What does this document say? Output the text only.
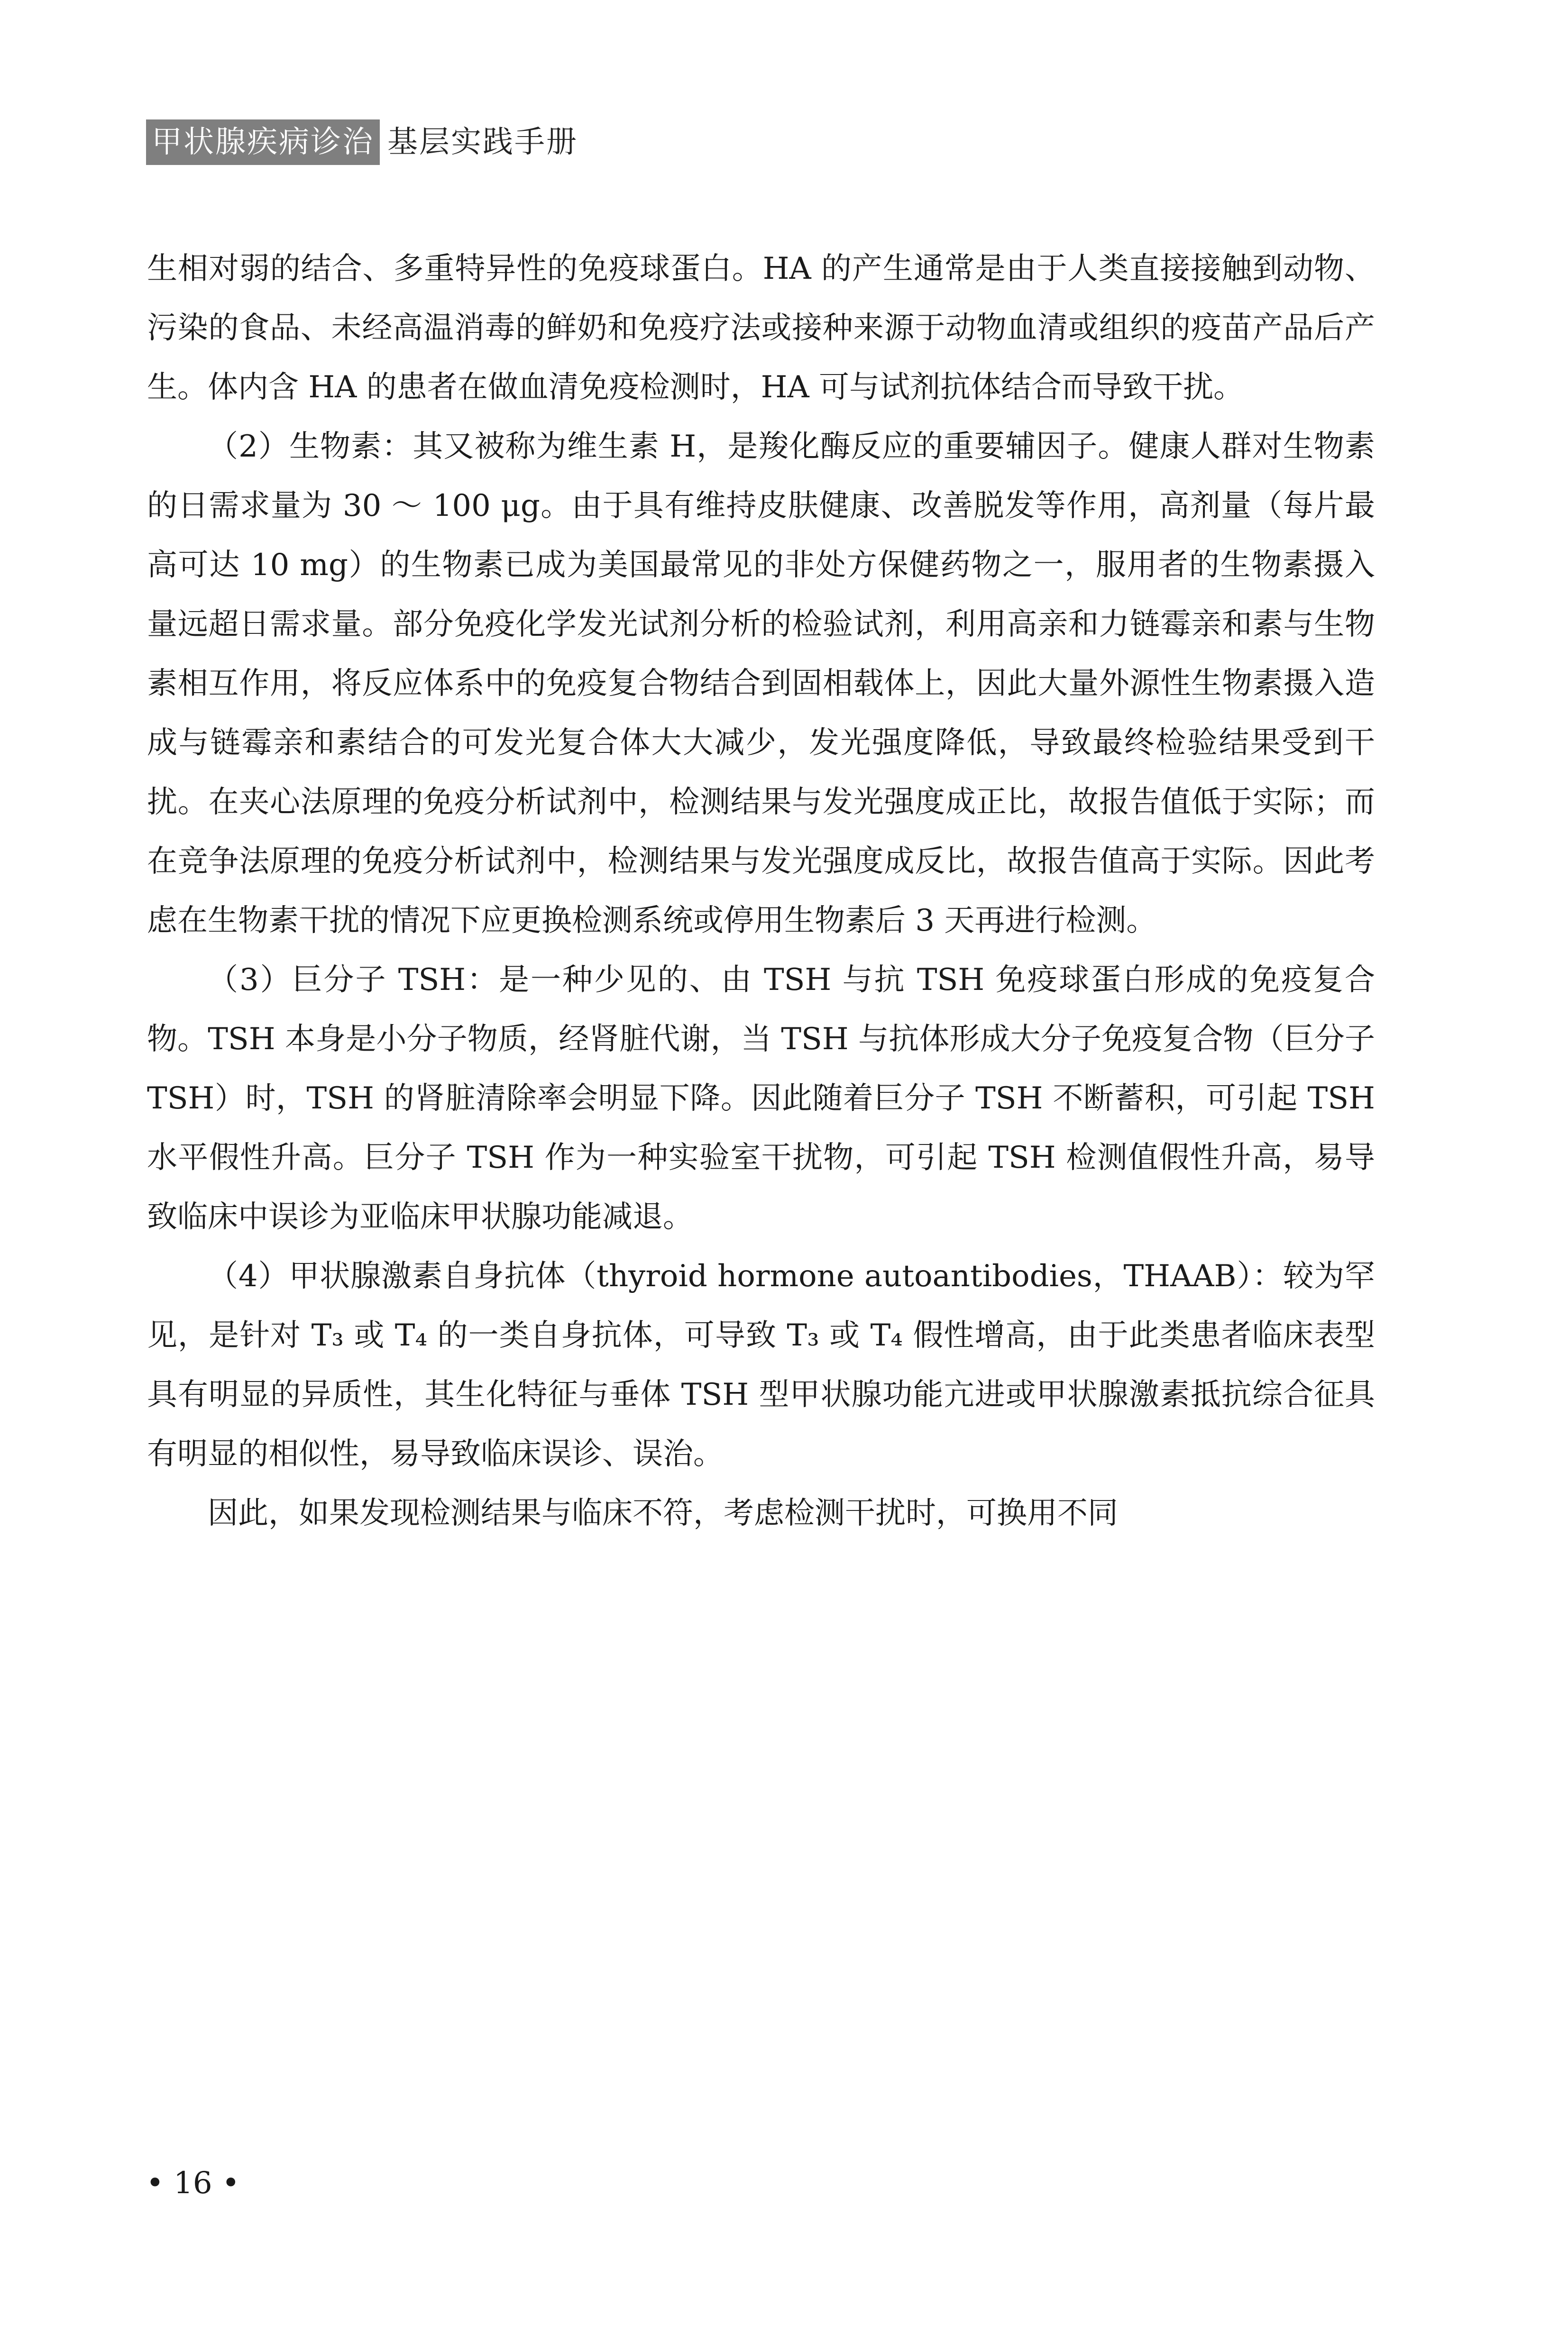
甲状腺疾病诊治 基层实践手册

生相对弱的结合、多重特异性的免疫球蛋白。HA 的产生通常是由于人类直接接触到动物、污染的食品、未经高温消毒的鲜奶和免疫疗法或接种来源于动物血清或组织的疫苗产品后产生。体内含 HA 的患者在做血清免疫检测时，HA 可与试剂抗体结合而导致干扰。

（2）生物素：其又被称为维生素 H，是羧化酶反应的重要辅因子。健康人群对生物素的日需求量为 30 ～ 100 μg。由于具有维持皮肤健康、改善脱发等作用，高剂量（每片最高可达 10 mg）的生物素已成为美国最常见的非处方保健药物之一，服用者的生物素摄入量远超日需求量。部分免疫化学发光试剂分析的检验试剂，利用高亲和力链霉亲和素与生物素相互作用，将反应体系中的免疫复合物结合到固相载体上，因此大量外源性生物素摄入造成与链霉亲和素结合的可发光复合体大大减少，发光强度降低，导致最终检验结果受到干扰。在夹心法原理的免疫分析试剂中，检测结果与发光强度成正比，故报告值低于实际；而在竞争法原理的免疫分析试剂中，检测结果与发光强度成反比，故报告值高于实际。因此考虑在生物素干扰的情况下应更换检测系统或停用生物素后 3 天再进行检测。

（3）巨分子 TSH：是一种少见的、由 TSH 与抗 TSH 免疫球蛋白形成的免疫复合物。TSH 本身是小分子物质，经肾脏代谢，当 TSH 与抗体形成大分子免疫复合物（巨分子 TSH）时，TSH 的肾脏清除率会明显下降。因此随着巨分子 TSH 不断蓄积，可引起 TSH 水平假性升高。巨分子 TSH 作为一种实验室干扰物，可引起 TSH 检测值假性升高，易导致临床中误诊为亚临床甲状腺功能减退。

（4）甲状腺激素自身抗体（thyroid hormone autoantibodies，THAAB）：较为罕见，是针对 T₃ 或 T₄ 的一类自身抗体，可导致 T₃ 或 T₄ 假性增高，由于此类患者临床表型具有明显的异质性，其生化特征与垂体 TSH 型甲状腺功能亢进或甲状腺激素抵抗综合征具有明显的相似性，易导致临床误诊、误治。

因此，如果发现检测结果与临床不符，考虑检测干扰时，可换用不同

• 16 •
